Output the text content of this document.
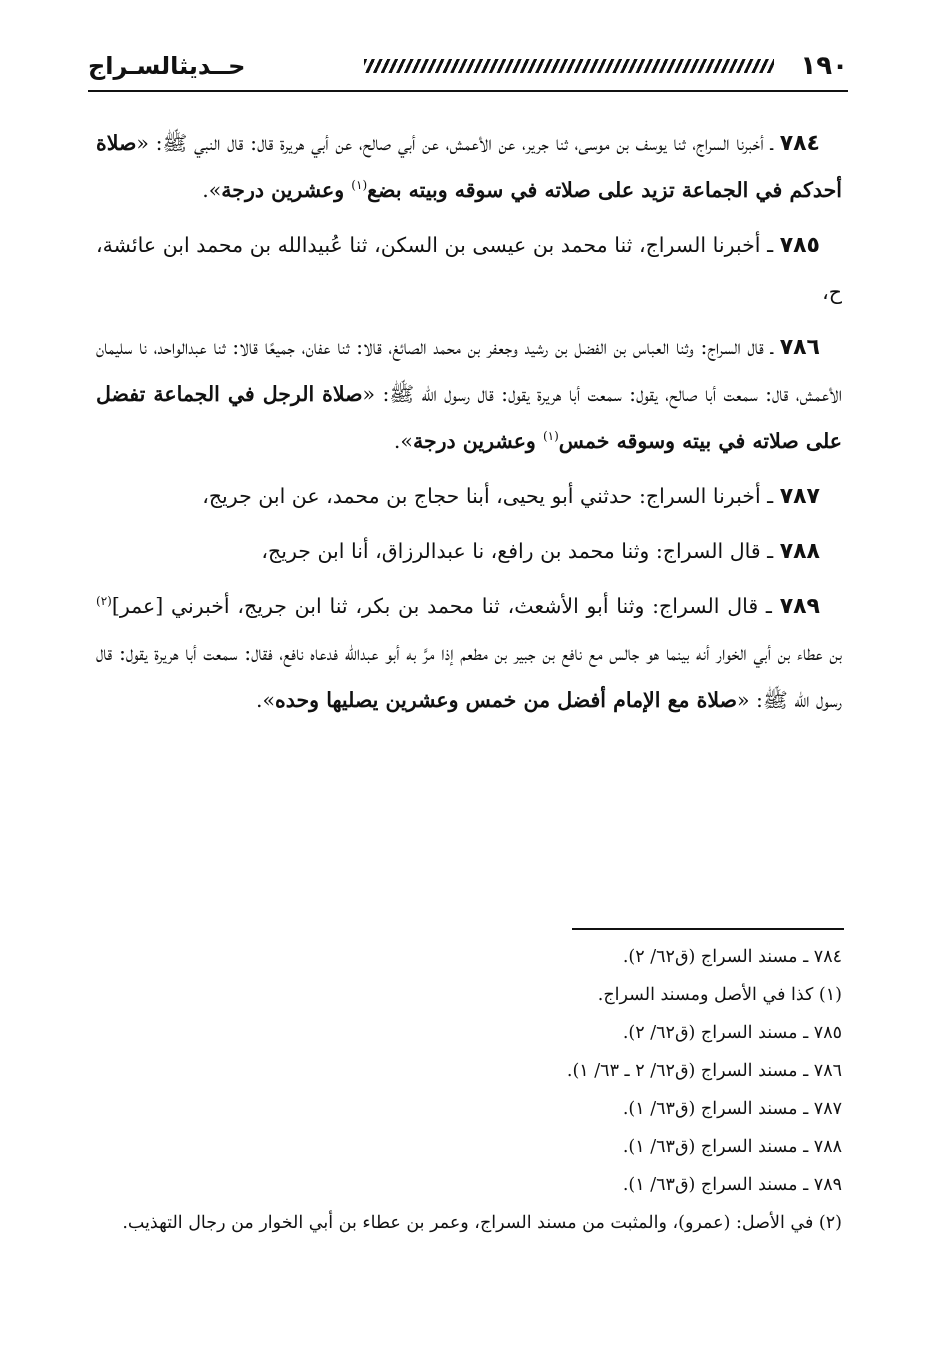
١٩٠
حــديثالسـراج

٧٨٤ ـ أخبرنا السراج، ثنا يوسف بن موسى، ثنا جرير، عن الأعمش، عن أبي صالح، عن أبي هريرة قال: قال النبي ﷺ: «صلاة أحدكم في الجماعة تزيد على صلاته في سوقه وبيته بضع$^{(١)}$ وعشرين درجة».

٧٨٥ ـ أخبرنا السراج، ثنا محمد بن عيسى بن السكن، ثنا عُبيدالله بن محمد ابن عائشة، ح،

٧٨٦ ـ قال السراج: وثنا العباس بن الفضل بن رشيد وجعفر بن محمد الصائغ، قالا: ثنا عفان، جميعًا قالا: ثنا عبدالواحد، نا سليمان الأعمش، قال: سمعت أبا صالح، يقول: سمعت أبا هريرة يقول: قال رسول الله ﷺ: «صلاة الرجل في الجماعة تفضل على صلاته في بيته وسوقه خمس$^{(١)}$ وعشرين درجة».

٧٨٧ ـ أخبرنا السراج: حدثني أبو يحيى، أبنا حجاج بن محمد، عن ابن جريج،

٧٨٨ ـ قال السراج: وثنا محمد بن رافع، نا عبدالرزاق، أنا ابن جريج،

٧٨٩ ـ قال السراج: وثنا أبو الأشعث، ثنا محمد بن بكر، ثنا ابن جريج، أخبرني [عمر]$^{(٢)}$ بن عطاء بن أبي الخوار أنه بينما هو جالس مع نافع بن جبير بن مطعم إذا مرَّ به أبو عبدالله فدعاه نافع، فقال: سمعت أبا هريرة يقول: قال رسول الله ﷺ: «صلاة مع الإمام أفضل من خمس وعشرين يصليها وحده».

٧٨٤ ـ مسند السراج (ق٦٢/ ٢).

(١) كذا في الأصل ومسند السراج.

٧٨٥ ـ مسند السراج (ق٦٢/ ٢).

٧٨٦ ـ مسند السراج (ق٦٢/ ٢ ـ ٦٣/ ١).

٧٨٧ ـ مسند السراج (ق٦٣/ ١).

٧٨٨ ـ مسند السراج (ق٦٣/ ١).

٧٨٩ ـ مسند السراج (ق٦٣/ ١).

(٢) في الأصل: (عمرو)، والمثبت من مسند السراج، وعمر بن عطاء بن أبي الخوار من رجال التهذيب.
